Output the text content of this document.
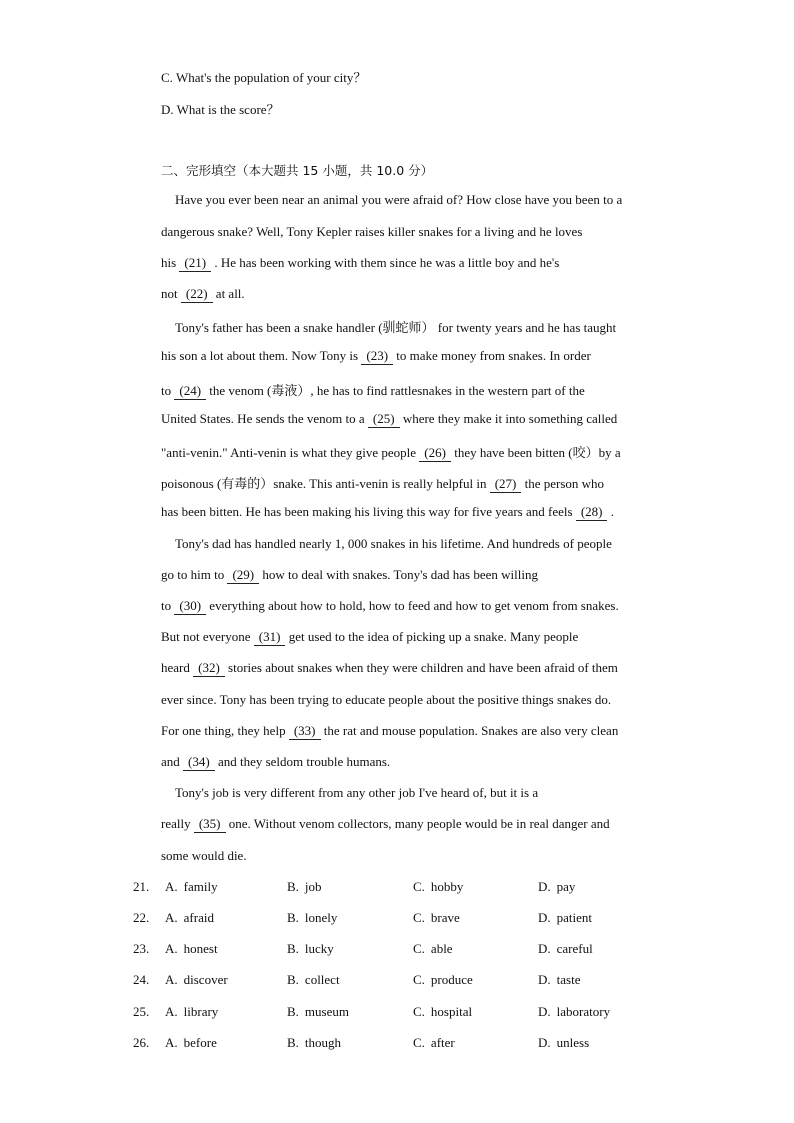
C. What's the population of your city？
D. What is the score？
二、完形填空（本大题共 15 小题，共 10.0 分）
Have you ever been near an animal you were afraid of? How close have you been to a
dangerous snake? Well, Tony Kepler raises killer snakes for a living and he loves
his (21) . He has been working with them since he was a little boy and he's
not (22) at all.
Tony's father has been a snake handler (驯蛇师） for twenty years and he has taught
his son a lot about them. Now Tony is (23) to make money from snakes. In order
to (24) the venom (毒液）, he has to find rattlesnakes in the western part of the
United States. He sends the venom to a (25) where they make it into something called
"anti-venin." Anti-venin is what they give people (26) they have been bitten (咬）by a
poisonous (有毒的）snake. This anti-venin is really helpful in (27) the person who
has been bitten. He has been making his living this way for five years and feels (28) .
Tony's dad has handled nearly 1, 000 snakes in his lifetime. And hundreds of people
go to him to (29) how to deal with snakes. Tony's dad has been willing
to (30) everything about how to hold, how to feed and how to get venom from snakes.
But not everyone (31) get used to the idea of picking up a snake. Many people
heard (32) stories about snakes when they were children and have been afraid of them
ever since. Tony has been trying to educate people about the positive things snakes do.
For one thing, they help (33) the rat and mouse population. Snakes are also very clean
and (34) and they seldom trouble humans.
Tony's job is very different from any other job I've heard of, but it is a
really (35) one. Without venom collectors, many people would be in real danger and
some would die.
21. A. family	B. job	C. hobby	D. pay
22. A. afraid	B. lonely	C. brave	D. patient
23. A. honest	B. lucky	C. able	D. careful
24. A. discover	B. collect	C. produce	D. taste
25. A. library	B. museum	C. hospital	D. laboratory
26. A. before	B. though	C. after	D. unless
